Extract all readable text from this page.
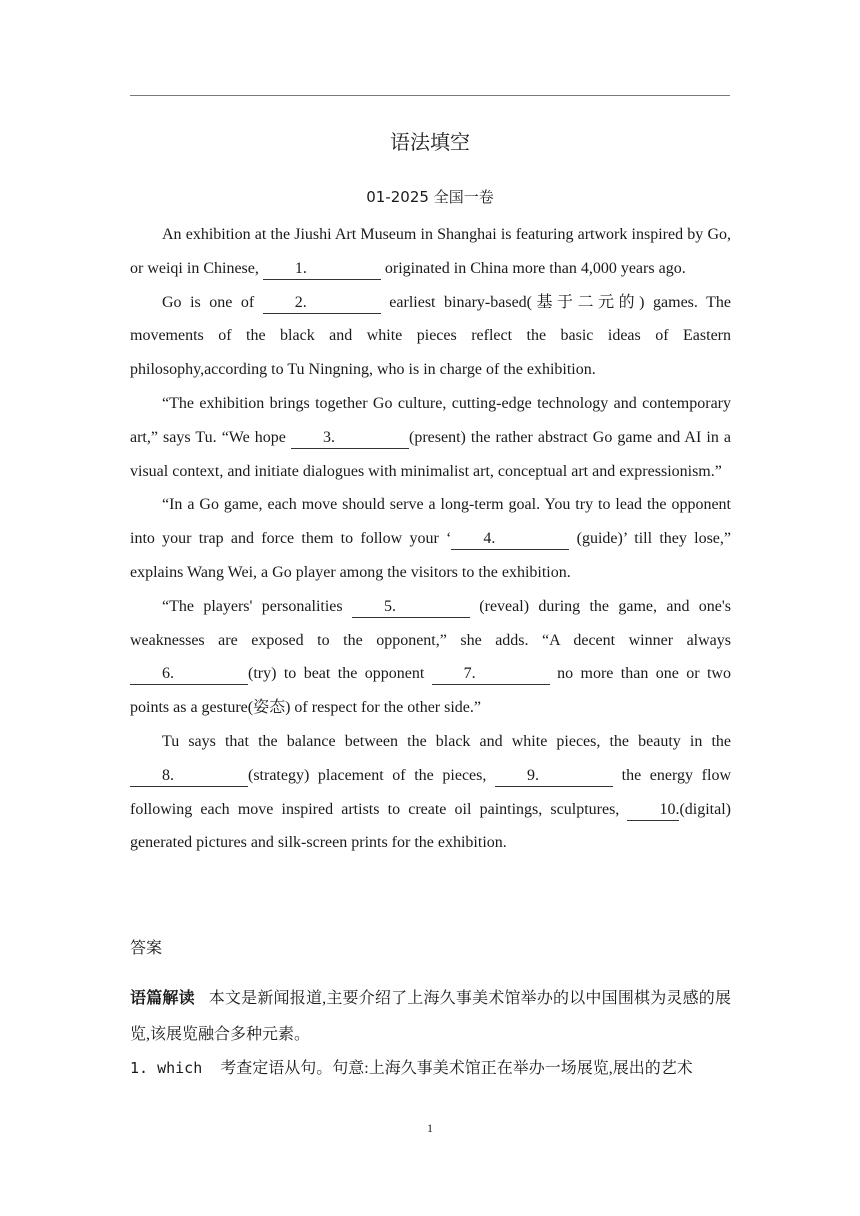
语法填空
01-2025 全国一卷

An exhibition at the Jiushi Art Museum in Shanghai is featuring artwork inspired by Go, or weiqi in Chinese, 1.	originated in China more than 4,000 years ago.

Go is one of 2.	earliest binary-based(基于二元的) games. The movements of the black and white pieces reflect the basic ideas of Eastern philosophy,according to Tu Ningning, who is in charge of the exhibition.

“The exhibition brings together Go culture, cutting-edge technology and contemporary art,” says Tu. “We hope 3.	(present) the rather abstract Go game and AI in a visual context, and initiate dialogues with minimalist art, conceptual art and expressionism.”

“In a Go game, each move should serve a long-term goal. You try to lead the opponent into your trap and force them to follow your ‘ 4.	(guide)’ till they lose,” explains Wang Wei, a Go player among the visitors to the exhibition.

“The players' personalities 5.	(reveal) during the game, and one's weaknesses are exposed to the opponent,” she adds. “A decent winner always 6.	(try) to beat the opponent 7.	no more than one or two points as a gesture(姿态) of respect for the other side.”

Tu says that the balance between the black and white pieces, the beauty in the 8.	(strategy) placement of the pieces, 9.	the energy flow following each move inspired artists to create oil paintings, sculptures, 10.(digital) generated pictures and silk-screen prints for the exhibition.

答案
语篇解读 本文是新闻报道,主要介绍了上海久事美术馆举办的以中国围棋为灵感的展览,该展览融合多种元素。
1. which 考查定语从句。句意:上海久事美术馆正在举办一场展览,展出的艺术
1
